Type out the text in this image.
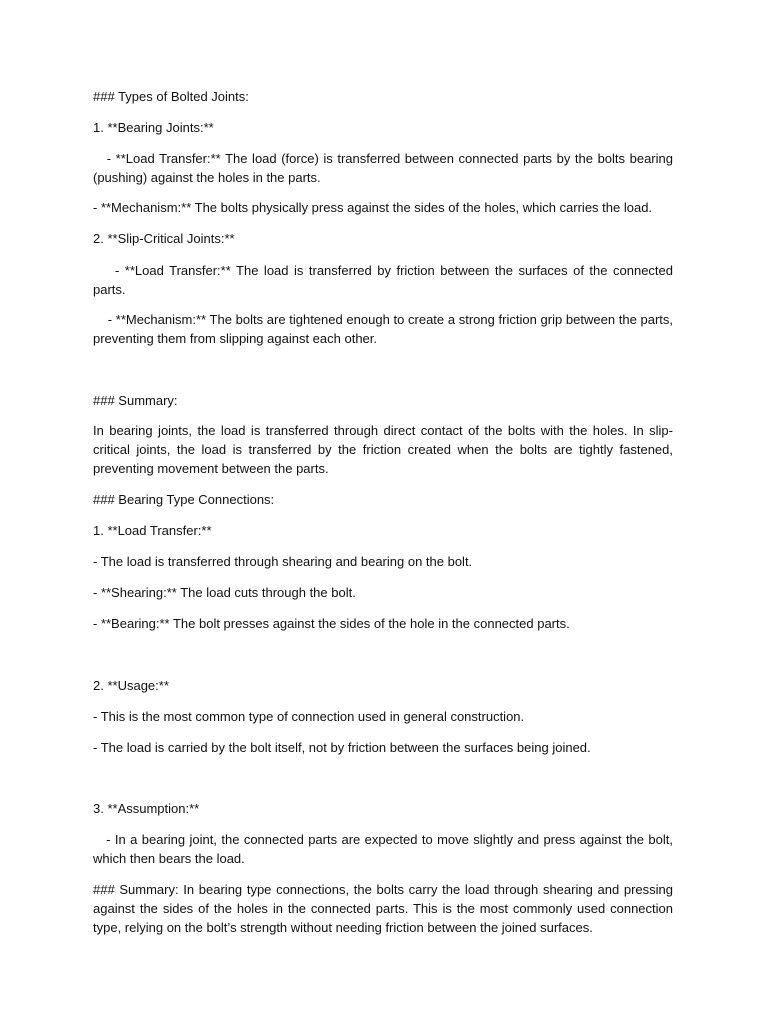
### Types of Bolted Joints:

1. **Bearing Joints:**

- **Load Transfer:** The load (force) is transferred between connected parts by the bolts bearing (pushing) against the holes in the parts.

- **Mechanism:** The bolts physically press against the sides of the holes, which carries the load.

2. **Slip-Critical Joints:**

- **Load Transfer:** The load is transferred by friction between the surfaces of the connected parts.

- **Mechanism:** The bolts are tightened enough to create a strong friction grip between the parts, preventing them from slipping against each other.

### Summary:

In bearing joints, the load is transferred through direct contact of the bolts with the holes. In slip-critical joints, the load is transferred by the friction created when the bolts are tightly fastened, preventing movement between the parts.

### Bearing Type Connections:

1. **Load Transfer:**

- The load is transferred through shearing and bearing on the bolt.

- **Shearing:** The load cuts through the bolt.

- **Bearing:** The bolt presses against the sides of the hole in the connected parts.

2. **Usage:**

- This is the most common type of connection used in general construction.

- The load is carried by the bolt itself, not by friction between the surfaces being joined.

3. **Assumption:**

- In a bearing joint, the connected parts are expected to move slightly and press against the bolt, which then bears the load.

### Summary: In bearing type connections, the bolts carry the load through shearing and pressing against the sides of the holes in the connected parts. This is the most commonly used connection type, relying on the bolt’s strength without needing friction between the joined surfaces.
